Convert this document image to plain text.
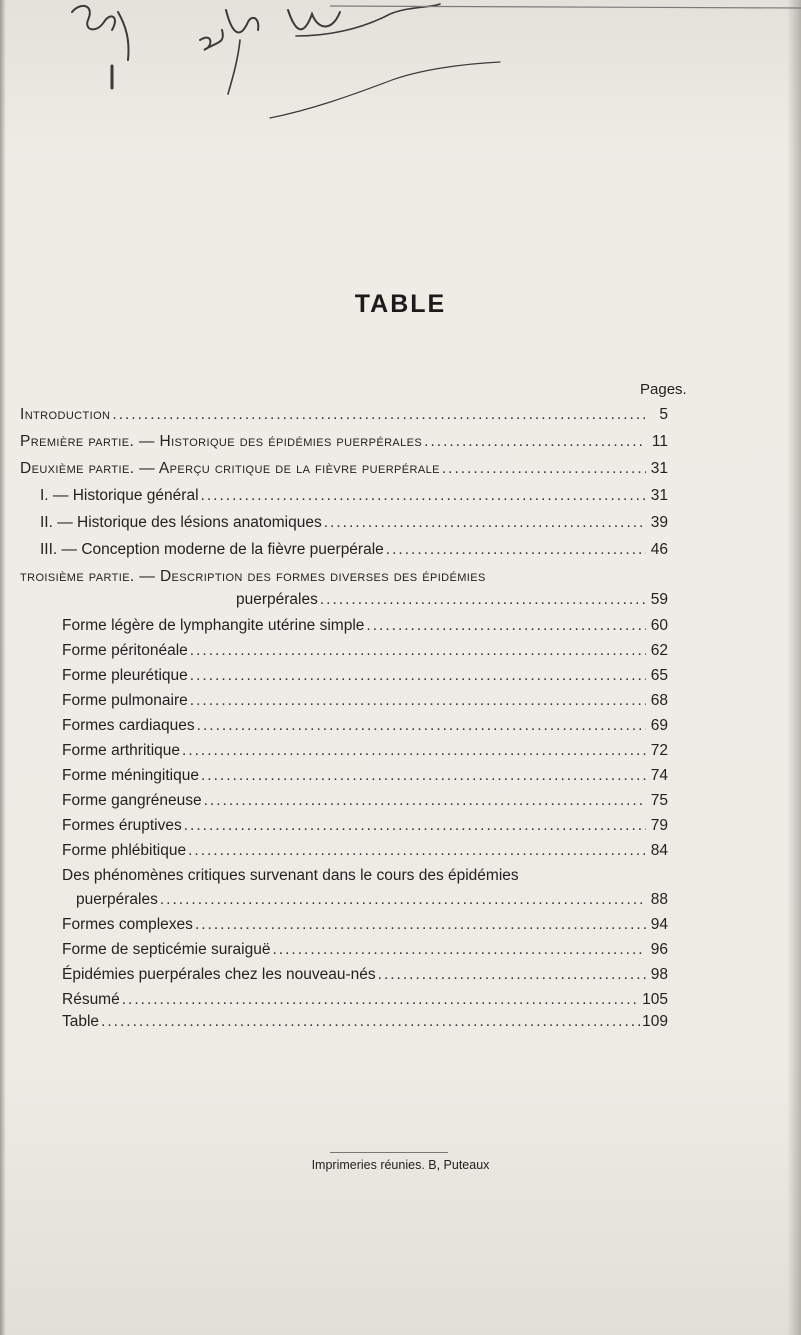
TABLE
Pages.
Introduction .....	5
Première partie. — Historique des épidémies puerpérales .....	11
Deuxième partie. — Aperçu critique de la fièvre puerpérale .....	31
I. — Historique général .....	31
II. — Historique des lésions anatomiques .....	39
III. — Conception moderne de la fièvre puerpérale .....	46
troisième partie. — Description des formes diverses des épidémies
puerpérales .....	59
Forme légère de lymphangite utérine simple .....	60
Forme péritonéale .....	62
Forme pleurétique .....	65
Forme pulmonaire .....	68
Formes cardiaques .....	69
Forme arthritique .....	72
Forme méningitique .....	74
Forme gangréneuse .....	75
Formes éruptives .....	79
Forme phlébitique .....	84
Des phénomènes critiques survenant dans le cours des épidémies
puerpérales .....	88
Formes complexes .....	94
Forme de septicémie suraiguë .....	96
Épidémies puerpérales chez les nouveau-nés .....	98
Résumé .....	105
Table .....	109
Imprimeries réunies. B, Puteaux
